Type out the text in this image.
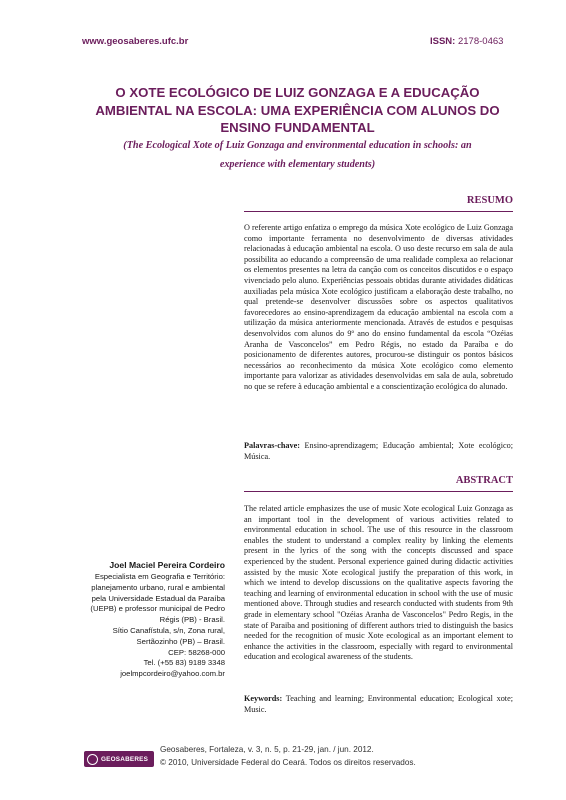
www.geosaberes.ufc.br	ISSN: 2178-0463
O XOTE ECOLÓGICO DE LUIZ GONZAGA E A EDUCAÇÃO
AMBIENTAL NA ESCOLA: UMA EXPERIÊNCIA COM ALUNOS DO
ENSINO FUNDAMENTAL
(The Ecological Xote of Luiz Gonzaga and environmental education in schools: an
experience with elementary students)
RESUMO
O referente artigo enfatiza o emprego da música Xote ecológico de Luiz Gonzaga como importante ferramenta no desenvolvimento de diversas atividades relacionadas à educação ambiental na escola. O uso deste recurso em sala de aula possibilita ao educando a compreensão de uma realidade complexa ao relacionar os elementos presentes na letra da canção com os conceitos discutidos e o espaço vivenciado pelo aluno. Experiências pessoais obtidas durante atividades didáticas auxiliadas pela música Xote ecológico justificam a elaboração deste trabalho, no qual pretende-se desenvolver discussões sobre os aspectos qualitativos favorecedores ao ensino-aprendizagem da educação ambiental na escola com a utilização da música anteriormente mencionada. Através de estudos e pesquisas desenvolvidos com alunos do 9º ano do ensino fundamental da escola “Ozéias Aranha de Vasconcelos” em Pedro Régis, no estado da Paraíba e do posicionamento de diferentes autores, procurou-se distinguir os pontos básicos necessários ao reconhecimento da música Xote ecológico como elemento importante para valorizar as atividades desenvolvidas em sala de aula, sobretudo no que se refere à educação ambiental e a conscientização ecológica do alunado.
Palavras-chave: Ensino-aprendizagem; Educação ambiental; Xote ecológico; Música.
ABSTRACT
The related article emphasizes the use of music Xote ecological Luiz Gonzaga as an important tool in the development of various activities related to environmental education in school. The use of this resource in the classroom enables the student to understand a complex reality by linking the elements present in the lyrics of the song with the concepts discussed and space experienced by the student. Personal experience gained during didactic activities assisted by the music Xote ecological justify the preparation of this work, in which we intend to develop discussions on the qualitative aspects favoring the teaching and learning of environmental education in school with the use of music mentioned above. Through studies and research conducted with students from 9th grade in elementary school "Ozéias Aranha de Vasconcelos" Pedro Regis, in the state of Paraiba and positioning of different authors tried to distinguish the basics needed for the recognition of music Xote ecological as an important element to enhance the activities in the classroom, especially with regard to environmental education and ecological awareness of the students.
Keywords: Teaching and learning; Environmental education; Ecological xote; Music.
Joel Maciel Pereira Cordeiro
Especialista em Geografia e Território:
planejamento urbano, rural e ambiental
pela Universidade Estadual da Paraíba
(UEPB) e professor municipal de Pedro
Régis (PB) - Brasil.
Sítio Canafístula, s/n, Zona rural,
Sertãozinho (PB) – Brasil.
CEP: 58268-000
Tel. (+55 83) 9189 3348
joelmpcordeiro@yahoo.com.br
GEOSABERES
Geosaberes, Fortaleza, v. 3, n. 5, p. 21-29, jan. / jun. 2012.
© 2010, Universidade Federal do Ceará. Todos os direitos reservados.
